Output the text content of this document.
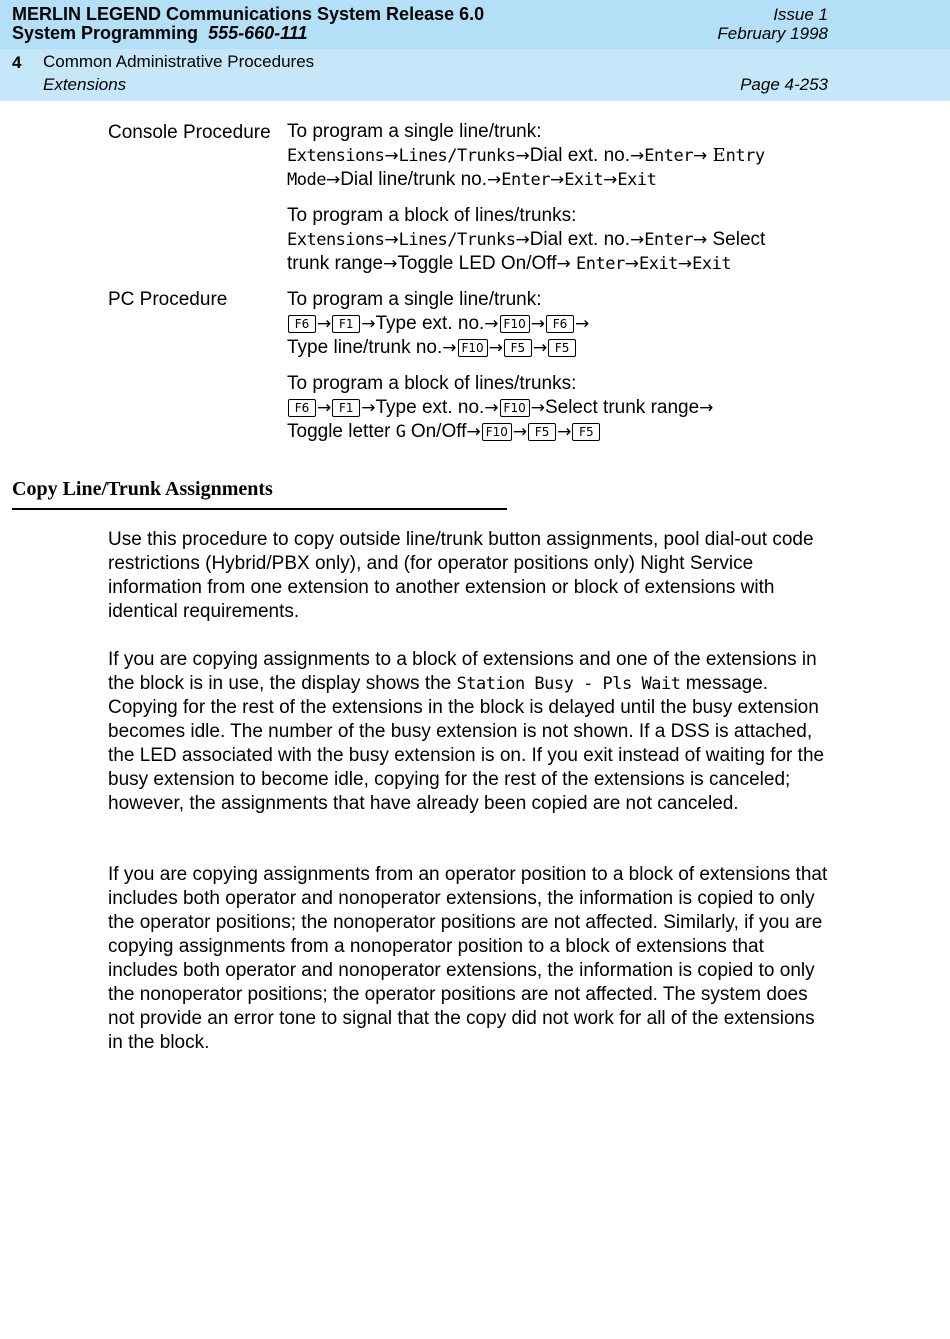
MERLIN LEGEND Communications System Release 6.0
System Programming 555-660-111
Issue 1
February 1998
4 Common Administrative Procedures
Extensions	Page 4-253
Console Procedure To program a single line/trunk:
Extensions→Lines/Trunks→Dial ext. no.→Enter→ Entry
Mode→Dial line/trunk no.→Enter→Exit→Exit
To program a block of lines/trunks:
Extensions→Lines/Trunks→Dial ext. no.→Enter→ Select
trunk range→Toggle LED On/Off→ Enter→Exit→Exit
PC Procedure	To program a single line/trunk:
F6 → F1 →Type ext. no.→ F10 → F6 →
Type line/trunk no.→ F10 → F5 → F5
To program a block of lines/trunks:
F6 → F1 →Type ext. no.→ F10 →Select trunk range→
Toggle letter G On/Off→ F10 → F5 → F5
Copy Line/Trunk Assignments
Use this procedure to copy outside line/trunk button assignments, pool dial-out code restrictions (Hybrid/PBX only), and (for operator positions only) Night Service information from one extension to another extension or block of extensions with identical requirements.
If you are copying assignments to a block of extensions and one of the extensions in the block is in use, the display shows the Station Busy - Pls Wait message. Copying for the rest of the extensions in the block is delayed until the busy extension becomes idle. The number of the busy extension is not shown. If a DSS is attached, the LED associated with the busy extension is on. If you exit instead of waiting for the busy extension to become idle, copying for the rest of the extensions is canceled; however, the assignments that have already been copied are not canceled.
If you are copying assignments from an operator position to a block of extensions that includes both operator and nonoperator extensions, the information is copied to only the operator positions; the nonoperator positions are not affected. Similarly, if you are copying assignments from a nonoperator position to a block of extensions that includes both operator and nonoperator extensions, the information is copied to only the nonoperator positions; the operator positions are not affected. The system does not provide an error tone to signal that the copy did not work for all of the extensions in the block.
